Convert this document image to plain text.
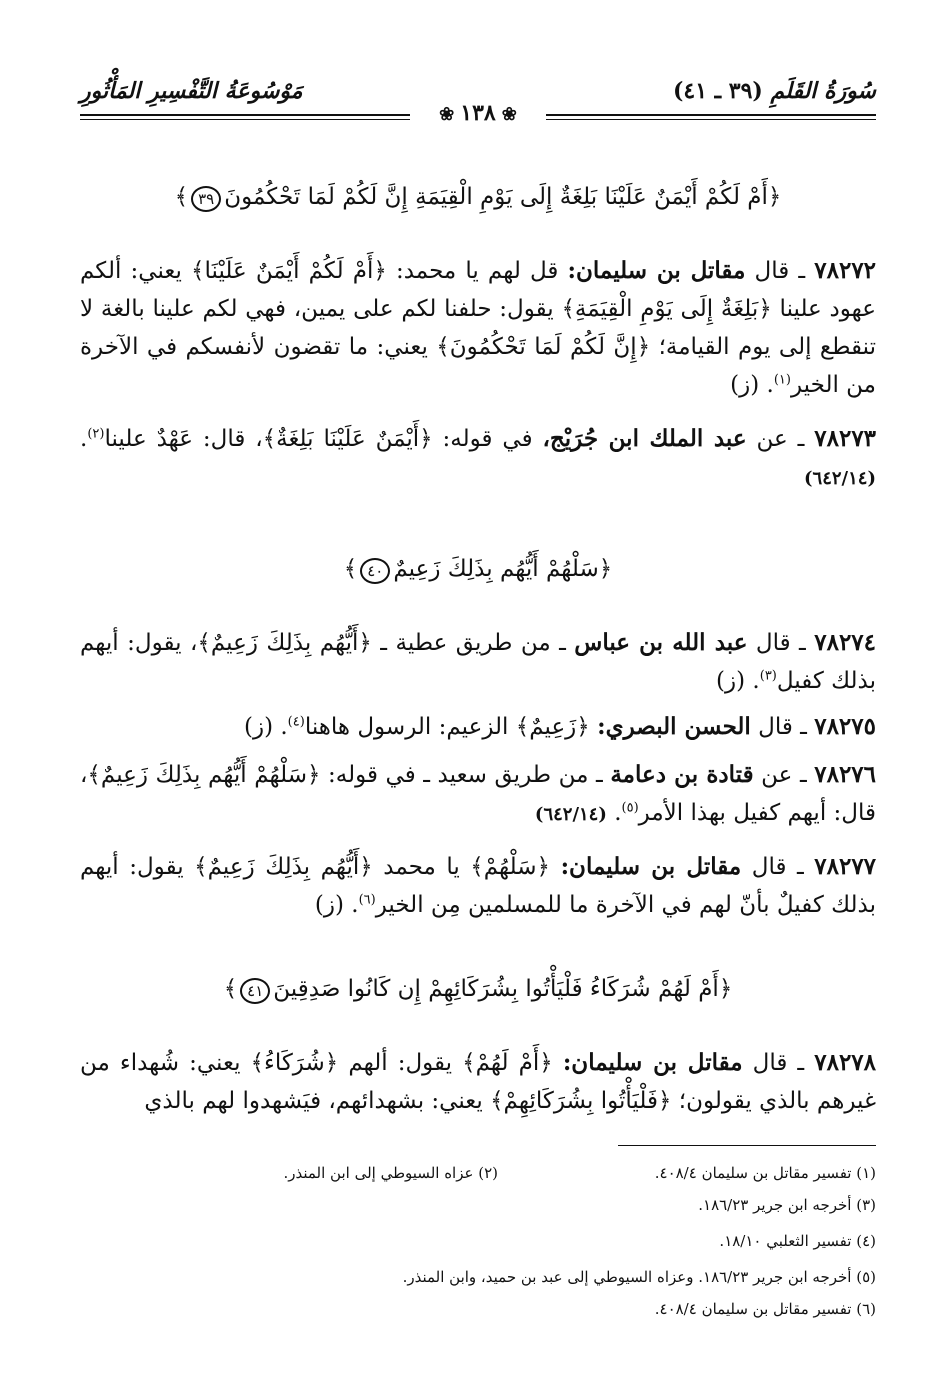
سُورَةُ القَلَمِ (٣٩ ـ ٤١)
مَوْسُوعَةُ التَّفْسِيرِ المَأْثُورِ
❀١٣٨❀
﴿أَمْ لَكُمْ أَيْمَنٌ عَلَيْنَا بَلِغَةٌ إِلَى يَوْمِ الْقِيَمَةِ إِنَّ لَكُمْ لَمَا تَحْكُمُونَ٣٩﴾
٧٨٢٧٢ ـ قال مقاتل بن سليمان: قل لهم يا محمد: ﴿أَمْ لَكُمْ أَيْمَنٌ عَلَيْنَا﴾ يعني: ألكم عهود علينا ﴿بَلِغَةٌ إِلَى يَوْمِ الْقِيَمَةِ﴾ يقول: حلفنا لكم على يمين، فهي لكم علينا بالغة لا تنقطع إلى يوم القيامة؛ ﴿إِنَّ لَكُمْ لَمَا تَحْكُمُونَ﴾ يعني: ما تقضون لأنفسكم في الآخرة من الخير$^{(١)}$. (ز)
٧٨٢٧٣ ـ عن عبد الملك ابن جُرَيْج، في قوله: ﴿أَيْمَنٌ عَلَيْنَا بَلِغَةٌ﴾، قال: عَهْدٌ علينا$^{(٢)}$. (٦٤٢/١٤)
﴿سَلْهُمْ أَيُّهُم بِذَلِكَ زَعِيمٌ٤٠﴾
٧٨٢٧٤ ـ قال عبد الله بن عباس ـ من طريق عطية ـ ﴿أَيُّهُم بِذَلِكَ زَعِيمٌ﴾، يقول: أيهم بذلك كفيل$^{(٣)}$. (ز)
٧٨٢٧٥ ـ قال الحسن البصري: ﴿زَعِيمٌ﴾ الزعيم: الرسول هاهنا$^{(٤)}$. (ز)
٧٨٢٧٦ ـ عن قتادة بن دعامة ـ من طريق سعيد ـ في قوله: ﴿سَلْهُمْ أَيُّهُم بِذَلِكَ زَعِيمٌ﴾، قال: أيهم كفيل بهذا الأمر$^{(٥)}$. (٦٤٢/١٤)
٧٨٢٧٧ ـ قال مقاتل بن سليمان: ﴿سَلْهُمْ﴾ يا محمد ﴿أَيُّهُم بِذَلِكَ زَعِيمٌ﴾ يقول: أيهم بذلك كفيلٌ بأنّ لهم في الآخرة ما للمسلمين مِن الخير$^{(٦)}$. (ز)
﴿أَمْ لَهُمْ شُرَكَاءُ فَلْيَأْتُوا بِشُرَكَائِهِمْ إِن كَانُوا صَدِقِينَ٤١﴾
٧٨٢٧٨ ـ قال مقاتل بن سليمان: ﴿أَمْ لَهُمْ﴾ يقول: ألهم ﴿شُرَكَاءُ﴾ يعني: شُهداء من غيرهم بالذي يقولون؛ ﴿فَلْيَأْتُوا بِشُرَكَائِهِمْ﴾ يعني: بشهدائهم، فيَشهدوا لهم بالذي
(١) تفسير مقاتل بن سليمان ٤٠٨/٤.
(٢) عزاه السيوطي إلى ابن المنذر.
(٣) أخرجه ابن جرير ١٨٦/٢٣.
(٤) تفسير الثعلبي ١٨/١٠.
(٥) أخرجه ابن جرير ١٨٦/٢٣. وعزاه السيوطي إلى عبد بن حميد، وابن المنذر.
(٦) تفسير مقاتل بن سليمان ٤٠٨/٤.
